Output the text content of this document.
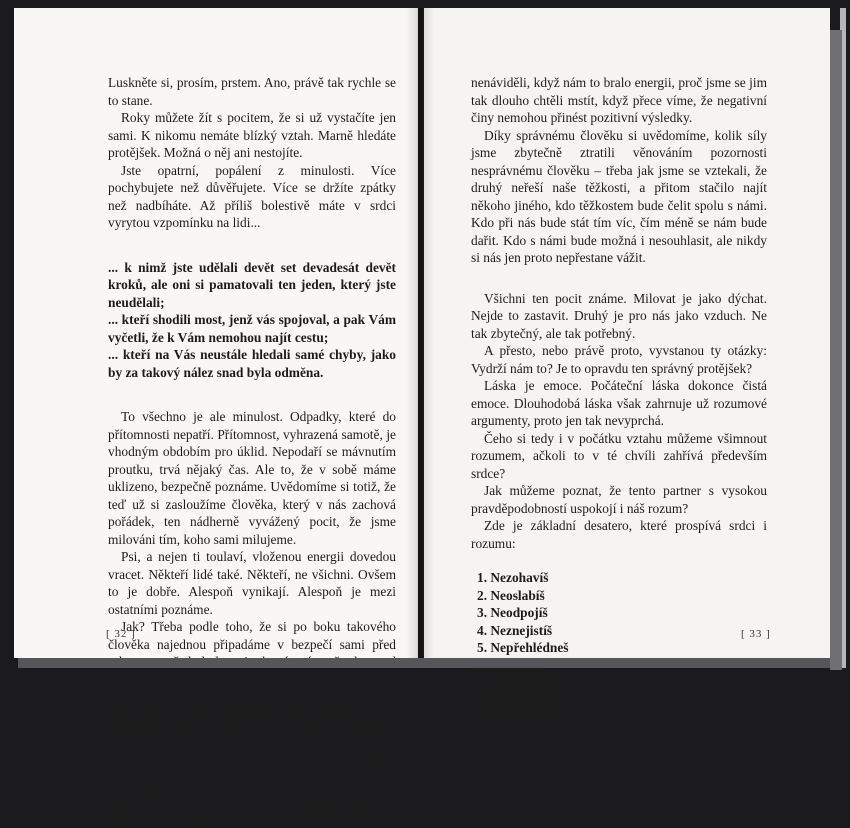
Luskněte si, prosím, prstem. Ano, právě tak rychle se to stane.

Roky můžete žít s pocitem, že si už vystačíte jen sami. K nikomu nemáte blízký vztah. Marně hledáte protějšek. Možná o něj ani nestojíte.

Jste opatrní, popálení z minulosti. Více pochybujete než důvěřujete. Více se držíte zpátky než nadbíháte. Až příliš bolestivě máte v srdci vyrytou vzpomínku na lidi...

... k nimž jste udělali devět set devadesát devět kroků, ale oni si pamatovali ten jeden, který jste neudělali;

... kteří shodili most, jenž vás spojoval, a pak Vám vyčetli, že k Vám nemohou najít cestu;

... kteří na Vás neustále hledali samé chyby, jako by za takový nález snad byla odměna.

To všechno je ale minulost. Odpadky, které do přítomnosti nepatří. Přítomnost, vyhrazená samotě, je vhodným obdobím pro úklid. Nepodaří se mávnutím proutku, trvá nějaký čas. Ale to, že v sobě máme uklizeno, bezpečně poznáme. Uvědomíme si totiž, že teď už si zasloužíme člověka, který v nás zachová pořádek, ten nádherně vyvážený pocit, že jsme milováni tím, koho sami milujeme.

Psi, a nejen ti toulaví, vloženou energii dovedou vracet. Někteří lidé také. Někteří, ne všichni. Ovšem to je dobře. Alespoň vynikají. Alespoň je mezi ostatními poznáme.

Jak? Třeba podle toho, že si po boku takového člověka najednou připadáme v bezpečí sami před zraňovaly zevnitř.

Nebo podle toho, že nás takový člověk staví na nohy, když se nám samotným třesou kolena. Citelně vnímáme jeho pomoc – energii, podporu, sebevědomí.

Nebo podle toho, že najednou se cítíme jako někdo jiný. Zpětně sami sobě nerozumíme – proč jsme se tolik času trápili pro lidi, kteří se netrápili pro nás, proč jsme je za to

[ 32 ]

nenáviděli, když nám to bralo energii, proč jsme se jim tak dlouho chtěli mstít, když přece víme, že negativní činy nemohou přinést pozitivní výsledky.

Díky správnému člověku si uvědomíme, kolik síly jsme zbytečně ztratili věnováním pozornosti nesprávnému člověku – třeba jak jsme se vztekali, že druhý neřeší naše těžkosti, a přitom stačilo najít někoho jiného, kdo těžkostem bude čelit spolu s námi. Kdo při nás bude stát tím víc, čím méně se nám bude dařit. Kdo s námi bude možná i nesouhlasit, ale nikdy si nás jen proto nepřestane vážit.

Všichni ten pocit známe. Milovat je jako dýchat. Nejde to zastavit. Druhý je pro nás jako vzduch. Ne tak zbytečný, ale tak potřebný.

A přesto, nebo právě proto, vyvstanou ty otázky: Vydrží nám to? Je to opravdu ten správný protějšek?

Láska je emoce. Počáteční láska dokonce čistá emoce. Dlouhodobá láska však zahrnuje už rozumové argumenty, proto jen tak nevyprchá.

Čeho si tedy i v počátku vztahu můžeme všimnout rozumem, ačkoli to v té chvíli zahřívá především srdce?

Jak můžeme poznat, že tento partner s vysokou pravděpodobností uspokojí i náš rozum?

Zde je základní desatero, které prospívá srdci i rozumu:

1. Nezohavíš
2. Neoslabíš
3. Neodpojíš
4. Neznejistíš
5. Nepřehlédneš
7. Nepodmíníš
8. Nezpochybníš
9. Nerozmělníš
10. Nepolevíš
[ 33 ]
